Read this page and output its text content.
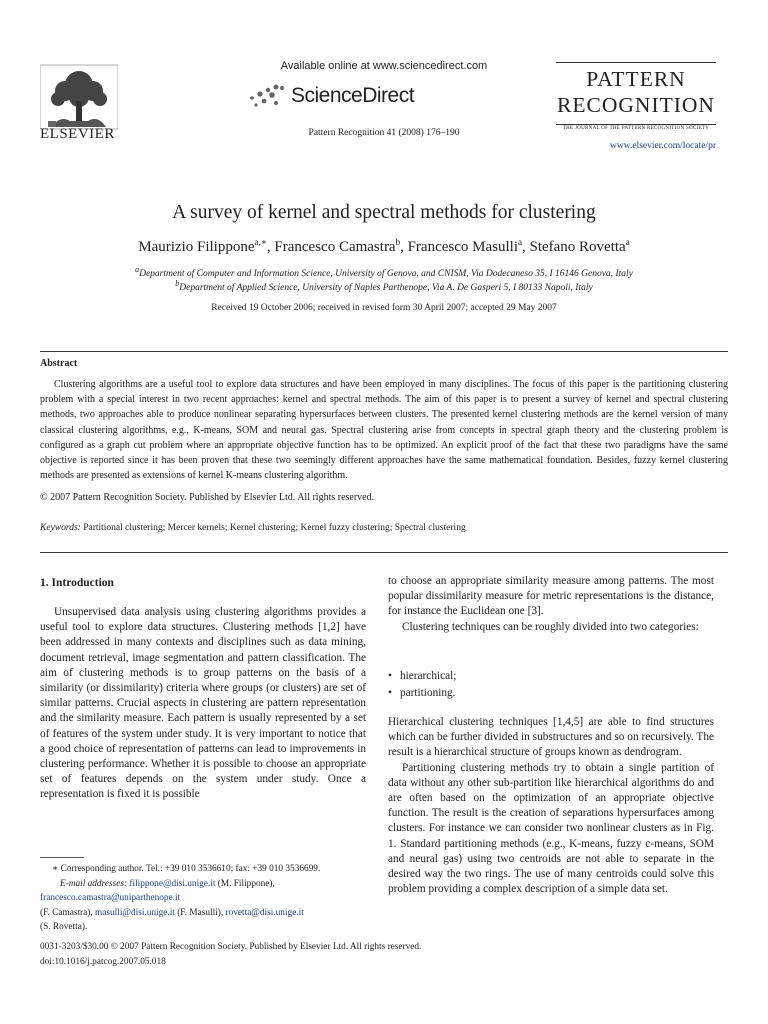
ELSEVIER
Available online at www.sciencedirect.com
ScienceDirect
Pattern Recognition 41 (2008) 176–190
PATTERN
RECOGNITION
THE JOURNAL OF THE PATTERN RECOGNITION SOCIETY
www.elsevier.com/locate/pr
A survey of kernel and spectral methods for clustering
Maurizio Filippone$^{a,∗}$, Francesco Camastra$^b$, Francesco Masulli$^a$, Stefano Rovetta$^a$
$^a$Department of Computer and Information Science, University of Genova, and CNISM, Via Dodecaneso 35, I 16146 Genova, Italy
$^b$Department of Applied Science, University of Naples Parthenope, Via A. De Gasperi 5, I 80133 Napoli, Italy
Received 19 October 2006; received in revised form 30 April 2007; accepted 29 May 2007
Abstract
Clustering algorithms are a useful tool to explore data structures and have been employed in many disciplines. The focus of this paper is the partitioning clustering problem with a special interest in two recent approaches: kernel and spectral methods. The aim of this paper is to present a survey of kernel and spectral clustering methods, two approaches able to produce nonlinear separating hypersurfaces between clusters. The presented kernel clustering methods are the kernel version of many classical clustering algorithms, e.g., K-means, SOM and neural gas. Spectral clustering arise from concepts in spectral graph theory and the clustering problem is configured as a graph cut problem where an appropriate objective function has to be optimized. An explicit proof of the fact that these two paradigms have the same objective is reported since it has been proven that these two seemingly different approaches have the same mathematical foundation. Besides, fuzzy kernel clustering methods are presented as extensions of kernel K-means clustering algorithm.
© 2007 Pattern Recognition Society. Published by Elsevier Ltd. All rights reserved.
Keywords: Partitional clustering; Mercer kernels; Kernel clustering; Kernel fuzzy clustering; Spectral clustering
1. Introduction

Unsupervised data analysis using clustering algorithms provides a useful tool to explore data structures. Clustering methods [1,2] have been addressed in many contexts and disciplines such as data mining, document retrieval, image segmentation and pattern classification. The aim of clustering methods is to group patterns on the basis of a similarity (or dissimilarity) criteria where groups (or clusters) are set of similar patterns. Crucial aspects in clustering are pattern representation and the similarity measure. Each pattern is usually represented by a set of features of the system under study. It is very important to notice that a good choice of representation of patterns can lead to improvements in clustering performance. Whether it is possible to choose an appropriate set of features depends on the system under study. Once a representation is fixed it is possible

to choose an appropriate similarity measure among patterns. The most popular dissimilarity measure for metric representations is the distance, for instance the Euclidean one [3].

Clustering techniques can be roughly divided into two categories:

• hierarchical;
• partitioning.

Hierarchical clustering techniques [1,4,5] are able to find structures which can be further divided in substructures and so on recursively. The result is a hierarchical structure of groups known as dendrogram.

Partitioning clustering methods try to obtain a single partition of data without any other sub-partition like hierarchical algorithms do and are often based on the optimization of an appropriate objective function. The result is the creation of separations hypersurfaces among clusters. For instance we can consider two nonlinear clusters as in Fig. 1. Standard partitioning methods (e.g., K-means, fuzzy c-means, SOM and neural gas) using two centroids are not able to separate in the desired way the two rings. The use of many centroids could solve this problem providing a complex description of a simple data set.

∗ Corresponding author. Tel.: +39 010 3536610; fax: +39 010 3536699.
E-mail addresses: filippone@disi.unige.it (M. Filippone),
francesco.camastra@uniparthenope.it
(F. Camastra), masulli@disi.unige.it (F. Masulli), rovetta@disi.unige.it
(S. Rovetta).
0031-3203/$30.00 © 2007 Pattern Recognition Society. Published by Elsevier Ltd. All rights reserved.
doi:10.1016/j.patcog.2007.05.018
